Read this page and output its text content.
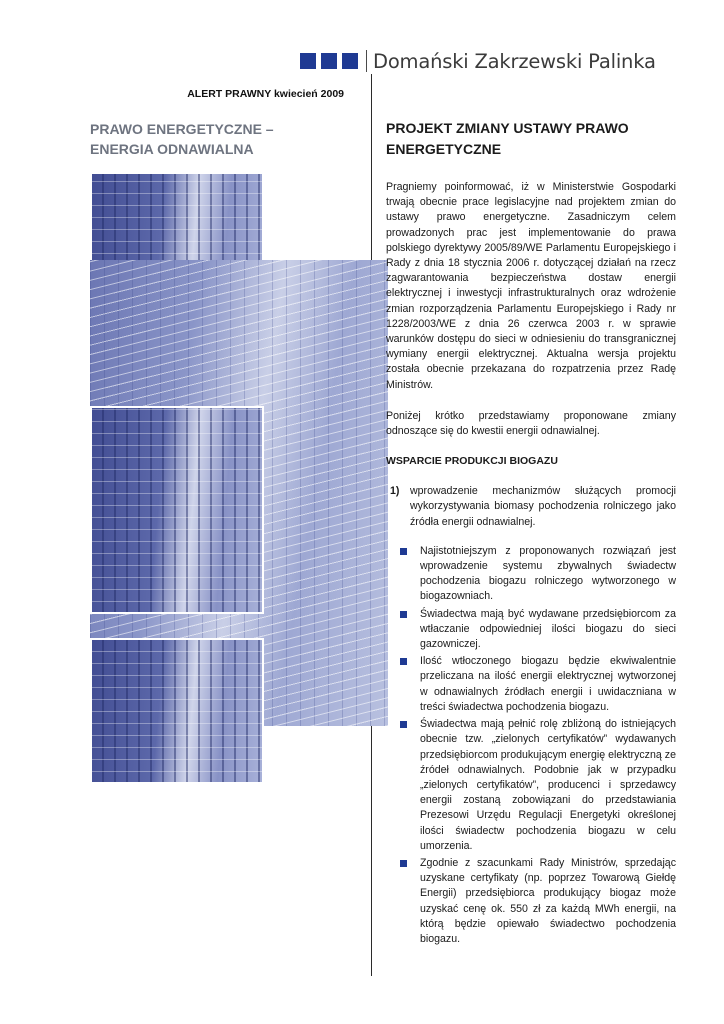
Domański Zakrzewski Palinka
ALERT PRAWNY kwiecień 2009
PRAWO ENERGETYCZNE –
ENERGIA ODNAWIALNA
PROJEKT ZMIANY USTAWY PRAWO
ENERGETYCZNE

Pragniemy poinformować, iż w Ministerstwie Gospodarki trwają obecnie prace legislacyjne nad projektem zmian do ustawy prawo energetyczne. Zasadniczym celem prowadzonych prac jest implementowanie do prawa polskiego dyrektywy 2005/89/WE Parlamentu Europejskiego i Rady z dnia 18 stycznia 2006 r. dotyczącej działań na rzecz zagwarantowania bezpieczeństwa dostaw energii elektrycznej i inwestycji infrastrukturalnych oraz wdrożenie zmian rozporządzenia Parlamentu Europejskiego i Rady nr 1228/2003/WE z dnia 26 czerwca 2003 r. w sprawie warunków dostępu do sieci w odniesieniu do transgranicznej wymiany energii elektrycznej. Aktualna wersja projektu została obecnie przekazana do rozpatrzenia przez Radę Ministrów.

Poniżej krótko przedstawiamy proponowane zmiany odnoszące się do kwestii energii odnawialnej.

WSPARCIE PRODUKCJI BIOGAZU
1) wprowadzenie mechanizmów służących promocji wykorzystywania biomasy pochodzenia rolniczego jako źródła energii odnawialnej.
Najistotniejszym z proponowanych rozwiązań jest wprowadzenie systemu zbywalnych świadectw pochodzenia biogazu rolniczego wytworzonego w biogazowniach.
Świadectwa mają być wydawane przedsiębiorcom za wtłaczanie odpowiedniej ilości biogazu do sieci gazowniczej.
Ilość wtłoczonego biogazu będzie ekwiwalentnie przeliczana na ilość energii elektrycznej wytworzonej w odnawialnych źródłach energii i uwidaczniana w treści świadectwa pochodzenia biogazu.
Świadectwa mają pełnić rolę zbliżoną do istniejących obecnie tzw. „zielonych certyfikatów” wydawanych przedsiębiorcom produkującym energię elektryczną ze źródeł odnawialnych. Podobnie jak w przypadku „zielonych certyfikatów”, producenci i sprzedawcy energii zostaną zobowiązani do przedstawiania Prezesowi Urzędu Regulacji Energetyki określonej ilości świadectw pochodzenia biogazu w celu umorzenia.
Zgodnie z szacunkami Rady Ministrów, sprzedając uzyskane certyfikaty (np. poprzez Towarową Giełdę Energii) przedsiębiorca produkujący biogaz może uzyskać cenę ok. 550 zł za każdą MWh energii, na którą będzie opiewało świadectwo pochodzenia biogazu.
